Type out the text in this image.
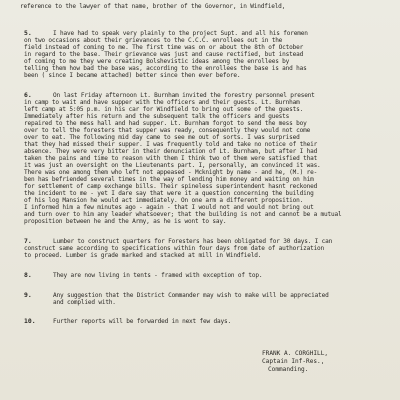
reference to the lawyer of that name, brother of the Governor, in Windfield,
5.	I have had to speak very plainly to the project Supt. and all his foremen
on two occasions about their grievances to the C.C.C. enrollees out in the
field instead of coming to me. The first time was on or about the 8th of October
in regard to the base. Their grievance was just and cause rectified, but instead
of coming to me they were creating Bolshevistic ideas among the enrollees by
telling them how bad the base was, according to the enrollees the base is and has
been ( since I became attached) better since then ever before.
6.	On last Friday afternoon Lt. Burnham invited the forestry personnel present
in camp to wait and have supper with the officers and their guests. Lt. Burnham
left camp at 5:05 p.m. in his car for Windfield to bring out some of the guests.
Immediately after his return and the subsequent talk the officers and guests
repaired to the mess hall and had supper. Lt. Burnham forgot to send the mess boy
over to tell the foresters that supper was ready, consequently they would not come
over to eat. The following mid day came to see me out of sorts. I was surprised
that they had missed their supper. I was frequently told and take no notice of their
absence. They were very bitter in their denunciation of Lt. Burnham, but after I had
taken the pains and time to reason with them I think two of them were satisfied that
it was just an oversight on the Lieutenants part. I, personally, am convinced it was.
There was one among them who left not appeased - Mcknight by name - and he, (M.) re-
ben has befriended several times in the way of lending him money and waiting on him
for settlement of camp exchange bills. Their spineless superintendent hasnt reckoned
the incident to me - yet I dare say that were it a question concerning the building
of his log Mansion he would act immediately. On one arm a different proposition.
I informed him a few minutes ago - again - that I would not and would not bring out
and turn over to him any leader whatsoever; that the building is not and cannot be a mutual
proposition between he and the Army, as he is wont to say.
7.	Lumber to construct quarters for Foresters has been obligated for 30 days. I can
construct same according to specifications within four days from date of authorization
to proceed. Lumber is grade marked and stacked at mill in Windfield.
8.	They are now living in tents - framed with exception of top.
9.	Any suggestion that the District Commander may wish to make will be appreciated
and complied with.
10.	Further reports will be forwarded in next few days.
FRANK A. CORGHILL,
Captain Inf-Res.,
Commanding.
